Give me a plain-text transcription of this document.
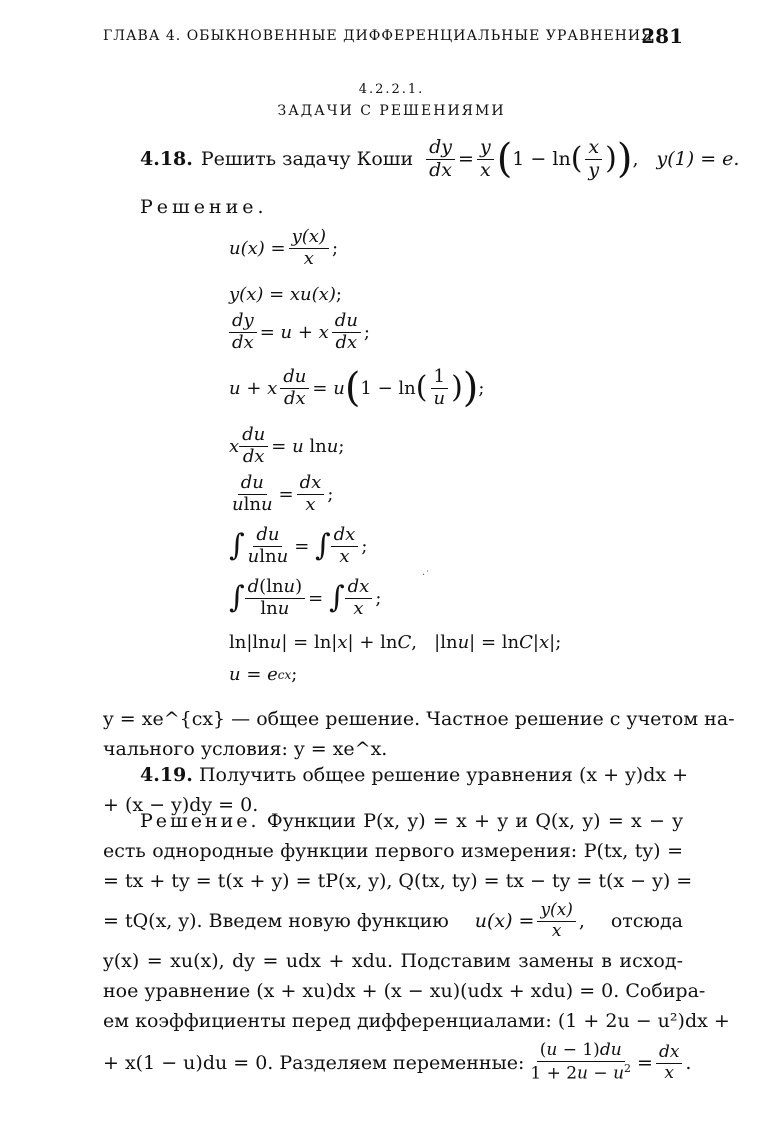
ГЛАВА 4. ОБЫКНОВЕННЫЕ ДИФФЕРЕНЦИАЛЬНЫЕ УРАВНЕНИЯ
281
4.2.2.1.
ЗАДАЧИ С РЕШЕНИЯМИ
4.18. Решить задачу Коши $\frac{dy}{dx} = \frac{y}{x}$ ( 1 − ln ( $\frac{x}{y}$ ) ) , y(1) = e.
Решение.
$u(x) = \frac{y(x)}{x}$ ;
y(x) = xu(x) ;
$\frac{dy}{dx} = u + x \frac{du}{dx}$ ;
u + x $\frac{du}{dx} = u$ ( 1 − ln ( $\frac{1}{u}$ ) ) ;
x $\frac{du}{dx} = u$ ln u ;
$\frac{du}{ulnu} = \frac{dx}{x}$ ;
∫ $\frac{du}{ulnu}$ = ∫ $\frac{dx}{x}$ ;
∫ $\frac{d(\ln u)}{\ln u}$ = ∫ $\frac{dx}{x}$ ;
ln|ln u | = ln| x | + ln C ,   |ln u | = ln C | x |;
u = e cx ;
·˙
y = xe^{cx} — общее решение. Частное решение с учетом на-
чального условия: y = xe^x.
4.19. Получить общее решение уравнения (x + y)dx +
+ (x − y)dy = 0.
Решение. Функции P(x, y) = x + y и Q(x, y) = x − y
есть однородные функции первого измерения: P(tx, ty) =
= tx + ty = t(x + y) = tP(x, y), Q(tx, ty) = tx − ty = t(x − y) =
= tQ(x, y). Введем новую функцию $u(x) = \frac{y(x)}{x}$ , отсюда
y(x) = xu(x), dy = udx + xdu. Подставим замены в исход-
ное уравнение (x + xu)dx + (x − xu)(udx + xdu) = 0. Собира-
ем коэффициенты перед дифференциалами: (1 + 2u − u²)dx +
+ x(1 − u)du = 0. Разделяем переменные: $\frac{(u - 1)du}{1 + 2u - u^2} = \frac{dx}{x}$ .
